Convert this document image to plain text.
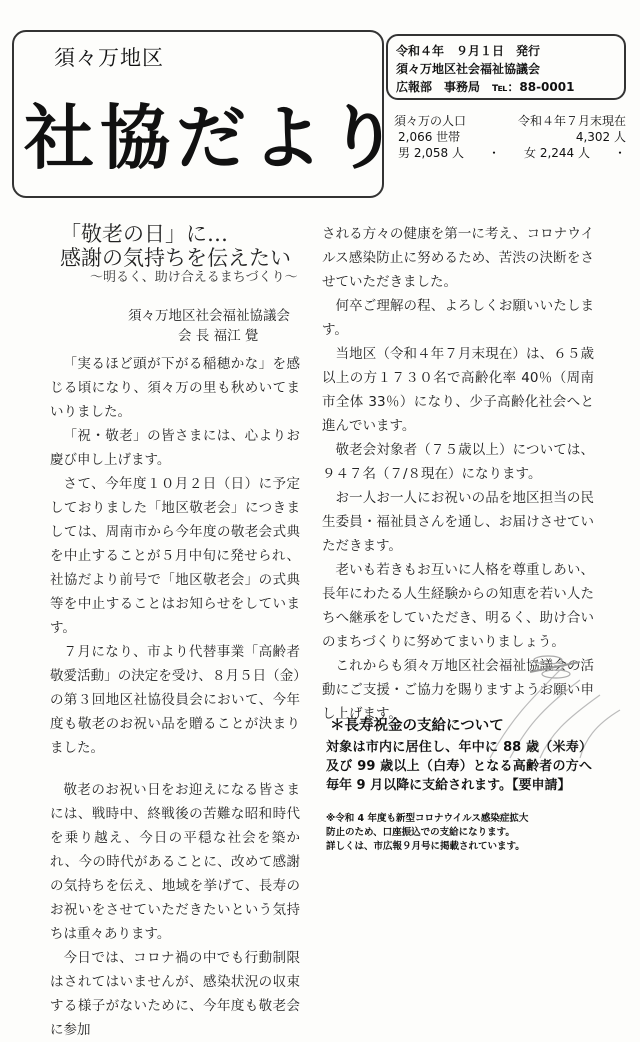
須々万地区
社協だより
令和４年　９月１日　発行
須々万地区社会福祉協議会
広報部　事務局　℡：88-0001
須々万の人口	令和４年７月末現在
2,066 世帯	4,302 人
男 2,058 人 ・ 女 2,244 人 ・
「敬老の日」に…
感謝の気持ちを伝えたい
～明るく、助け合えるまちづくり～
須々万地区社会福祉協議会
会 長 福江 覺

「実るほど頭が下がる稲穂かな」を感じる頃になり、須々万の里も秋めいてまいりました。

「祝・敬老」の皆さまには、心よりお慶び申し上げます。

さて、今年度１０月２日（日）に予定しておりました「地区敬老会」につきましては、周南市から今年度の敬老会式典を中止することが５月中旬に発せられ、社協だより前号で「地区敬老会」の式典等を中止することはお知らせをしています。

７月になり、市より代替事業「高齢者敬愛活動」の決定を受け、８月５日（金）の第３回地区社協役員会において、今年度も敬老のお祝い品を贈ることが決まりました。

敬老のお祝い日をお迎えになる皆さまには、戦時中、終戦後の苦難な昭和時代を乗り越え、今日の平穏な社会を築かれ、今の時代があることに、改めて感謝の気持ちを伝え、地域を挙げて、長寿のお祝いをさせていただきたいという気持ちは重々あります。

今日では、コロナ禍の中でも行動制限はされてはいませんが、感染状況の収束する様子がないために、今年度も敬老会に参加

される方々の健康を第一に考え、コロナウイルス感染防止に努めるため、苦渋の決断をさせていただきました。

何卒ご理解の程、よろしくお願いいたします。

当地区（令和４年７月末現在）は、６５歳以上の方１７３０名で高齢化率 40％（周南市全体 33％）になり、少子高齢化社会へと進んでいます。

敬老会対象者（７５歳以上）については、９４７名（７/８現在）になります。

お一人お一人にお祝いの品を地区担当の民生委員・福祉員さんを通し、お届けさせていただきます。

老いも若きもお互いに人格を尊重しあい、長年にわたる人生経験からの知恵を若い人たちへ継承をしていただき、明るく、助け合いのまちづくりに努めてまいりましょう。

これからも須々万地区社会福祉協議会の活動にご支援・ご協力を賜りますようお願い申し上げます。

＊長寿祝金の支給について
対象は市内に居住し、年中に 88 歳（米寿）及び 99 歳以上（白寿）となる高齢者の方へ 毎年 9 月以降に支給されます。【要申請】
※令和 4 年度も新型コロナウイルス感染症拡大
防止のため、口座振込での支給になります。
詳しくは、市広報９月号に掲載されています。
